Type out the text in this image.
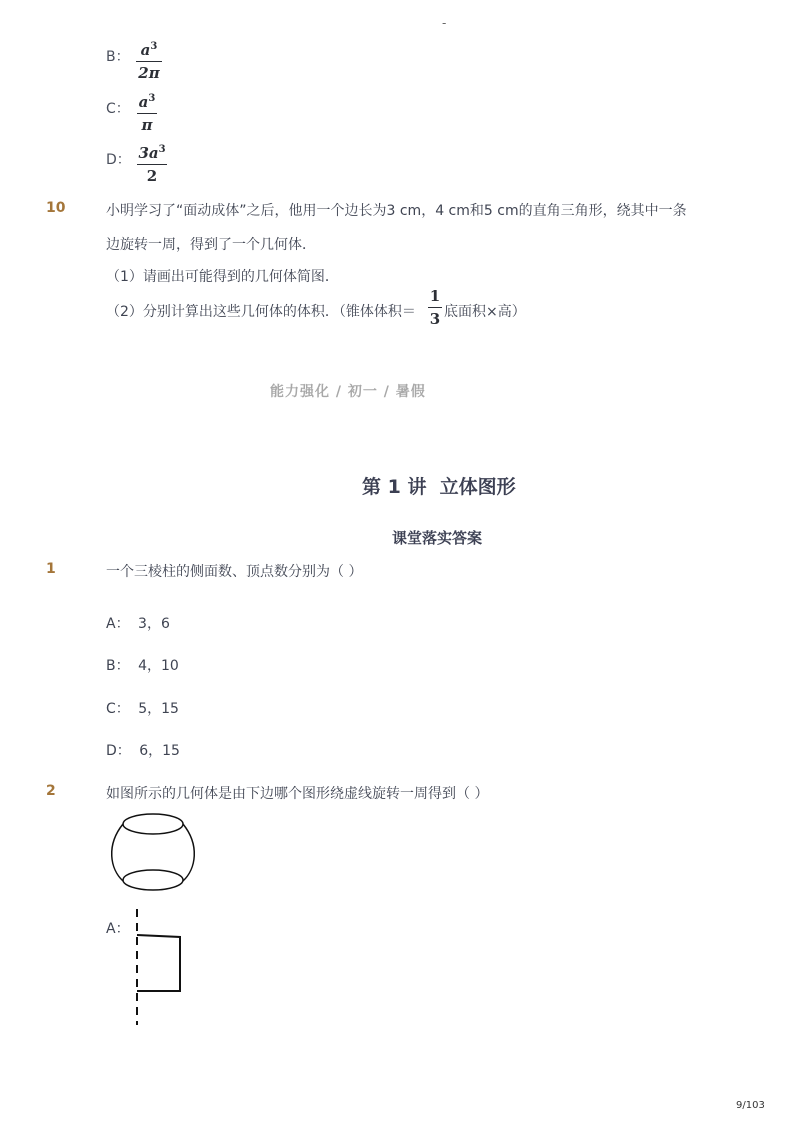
-
B： $a^3$
2π
C： $a^3$
π
D： $3a^3$
2
10	小明学习了“面动成体”之后，他用一个边长为3 cm，4 cm和5 cm的直角三角形，绕其中一条
边旋转一周，得到了一个几何体．
（1）请画出可能得到的几何体简图．
（2）分别计算出这些几何体的体积．（锥体体积＝
1
3 底面积×高）
能力强化 / 初一 / 暑假
第 1 讲  立体图形
课堂落实答案
1	一个三棱柱的侧面数、顶点数分别为（ ）
A： 3，6
B： 4，10
C： 5，15
D： 6，15
2	如图所示的几何体是由下边哪个图形绕虚线旋转一周得到（ ）
A：
9/103
